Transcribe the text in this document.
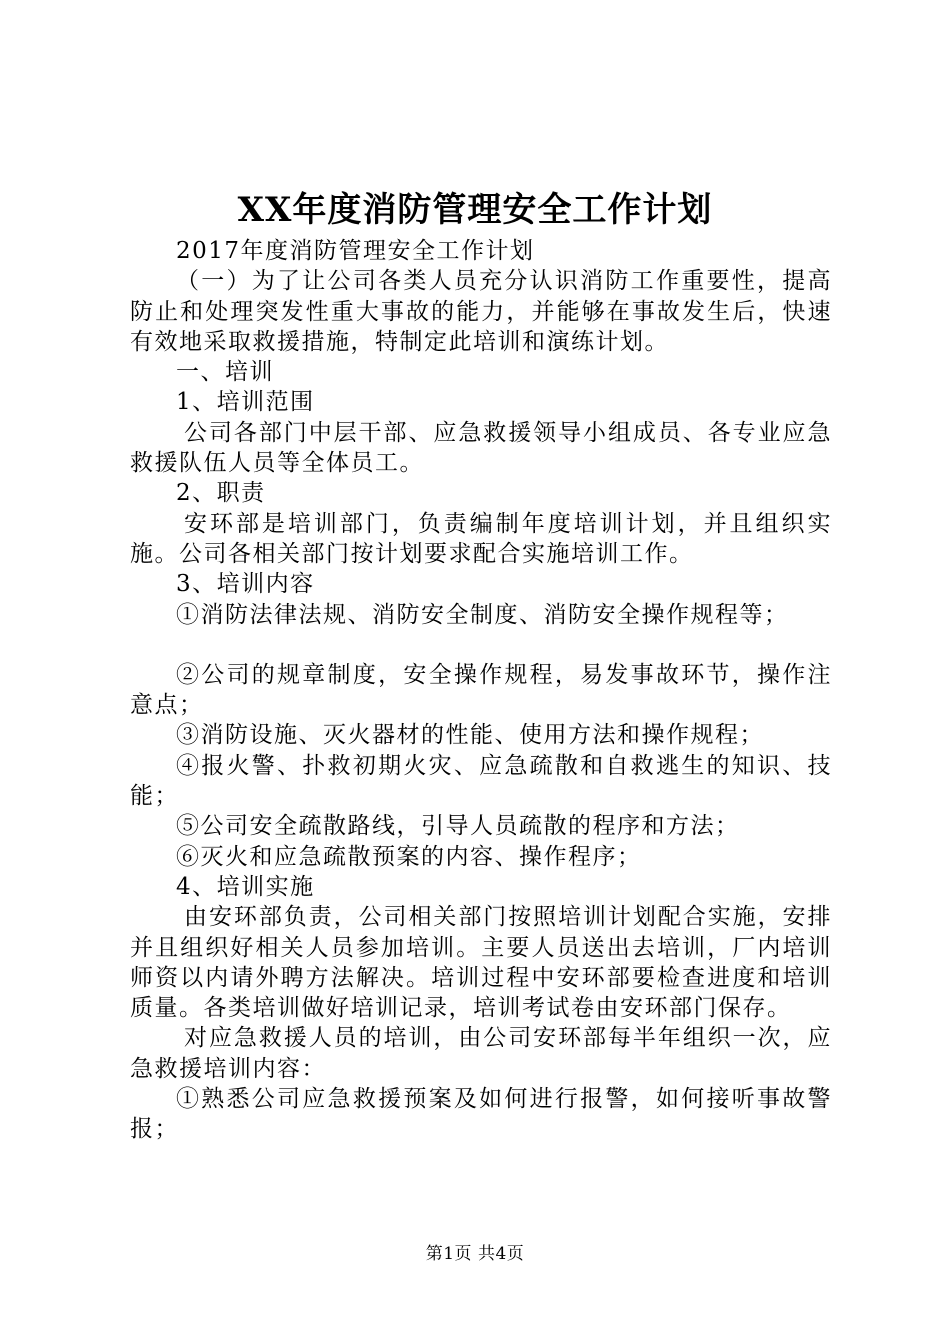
XX年度消防管理安全工作计划

2017年度消防管理安全工作计划

（一）为了让公司各类人员充分认识消防工作重要性，提高防止和处理突发性重大事故的能力，并能够在事故发生后，快速有效地采取救援措施，特制定此培训和演练计划。

一、培训

1、培训范围

公司各部门中层干部、应急救援领导小组成员、各专业应急救援队伍人员等全体员工。

2、职责

安环部是培训部门，负责编制年度培训计划，并且组织实施。公司各相关部门按计划要求配合实施培训工作。

3、培训内容

①消防法律法规、消防安全制度、消防安全操作规程等；

②公司的规章制度，安全操作规程，易发事故环节，操作注意点；

③消防设施、灭火器材的性能、使用方法和操作规程；

④报火警、扑救初期火灾、应急疏散和自救逃生的知识、技能；

⑤公司安全疏散路线，引导人员疏散的程序和方法；

⑥灭火和应急疏散预案的内容、操作程序；

4、培训实施

由安环部负责，公司相关部门按照培训计划配合实施，安排并且组织好相关人员参加培训。主要人员送出去培训，厂内培训师资以内请外聘方法解决。培训过程中安环部要检查进度和培训质量。各类培训做好培训记录，培训考试卷由安环部门保存。

对应急救援人员的培训，由公司安环部每半年组织一次，应急救援培训内容：

①熟悉公司应急救援预案及如何进行报警，如何接听事故警报；

第1页 共4页
